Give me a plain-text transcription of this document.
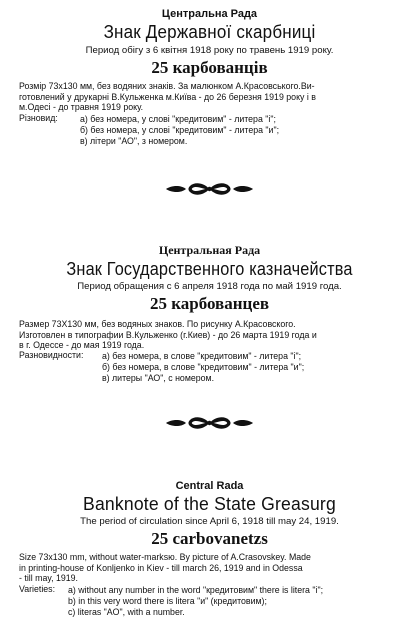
Центральна Рада
Знак Державної скарбниці
Период обігу з 6 квітня 1918 року по травень 1919 року.
25 карбованців
Розмір 73х130 мм, без водяних знаків. За малюнком А.Красовського.Ви-
готовлений у друкарні В.Кульженка м.Київа - до 26 березня 1919 року і в
м.Одесі - до травня 1919 року.
Різновид:	а) без номера, у слові "кредитовим" - литера "і";
б) без номера, у слові "кредитовим" - литера "и";
в) літери "АО", з номером.
Центральная Рада
Знак Государственного казначейства
Период обращения с 6 апреля 1918 года по май 1919 года.
25 карбованцев
Размер 73Х130 мм, без водяных знаков. По рисунку А.Красовского.
Изготовлен в типографии В.Кульженко (г.Киев) - до 26 марта 1919 года и
в г. Одессе - до мая 1919 года.
Разновидности: а) без номера, в слове "кредитовим" - литера "і";
б) без номера, в слове "кредитовим" - литера "и";
в) литеры "АО", с номером.
Central Rada
Banknote of the State Greasurg
The period of circulation since April 6, 1918 till may 24, 1919.
25 carbovanetzs
Size 73x130 mm, without water-marksю. By picture of A.Crasovskey. Made
in printing-house of Konljenko in Kiev - till march 26, 1919 and in Odessa
- till may, 1919.
Varieties: a) without any number in the word "кредитовим" there is litera "і";
b) in this very word there is litera "и" (кредитовим);
c) literas "AO", with a number.
